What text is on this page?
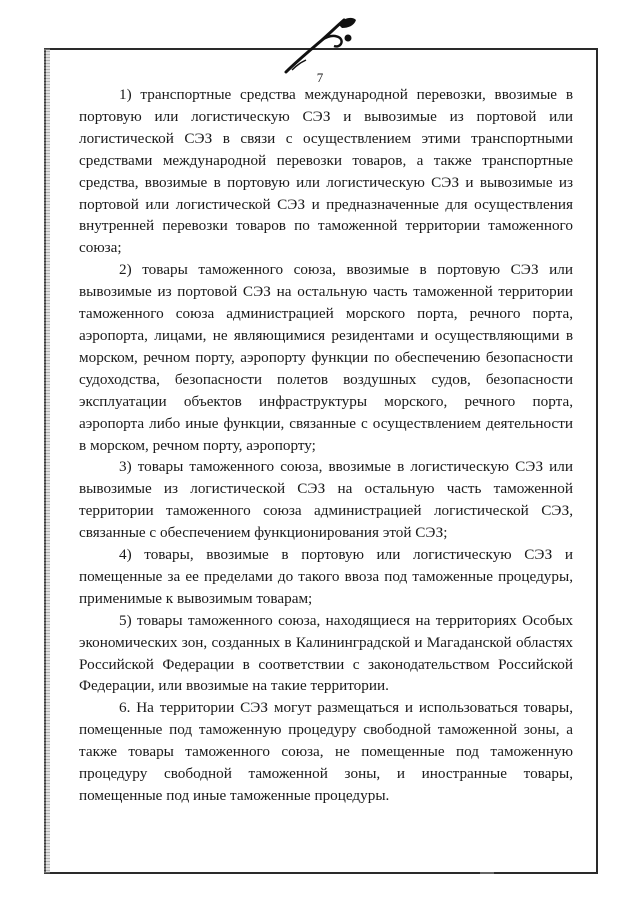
7

1) транспортные средства международной перевозки, ввозимые в портовую или логистическую СЭЗ и вывозимые из портовой или логистической СЭЗ в связи с осуществлением этими транспортными средствами международной перевозки товаров, а также транспортные средства, ввозимые в портовую или логистическую СЭЗ и вывозимые из портовой или логистической СЭЗ и предназначенные для осуществления внутренней перевозки товаров по таможенной территории таможенного союза;

2) товары таможенного союза, ввозимые в портовую СЭЗ или вывозимые из портовой СЭЗ на остальную часть таможенной территории таможенного союза администрацией морского порта, речного порта, аэропорта, лицами, не являющимися резидентами и осуществляющими в морском, речном порту, аэропорту функции по обеспечению безопасности судоходства, безопасности полетов воздушных судов, безопасности эксплуатации объектов инфраструктуры морского, речного порта, аэропорта либо иные функции, связанные с осуществлением деятельности в морском, речном порту, аэропорту;

3) товары таможенного союза, ввозимые в логистическую СЭЗ или вывозимые из логистической СЭЗ на остальную часть таможенной территории таможенного союза администрацией логистической СЭЗ, связанные с обеспечением функционирования этой СЭЗ;

4) товары, ввозимые в портовую или логистическую СЭЗ и помещенные за ее пределами до такого ввоза под таможенные процедуры, применимые к вывозимым товарам;

5) товары таможенного союза, находящиеся на территориях Особых экономических зон, созданных в Калининградской и Магаданской областях Российской Федерации в соответствии с законодательством Российской Федерации, или ввозимые на такие территории.

6. На территории СЭЗ могут размещаться и использоваться товары, помещенные под таможенную процедуру свободной таможенной зоны, а также товары таможенного союза, не помещенные под таможенную процедуру свободной таможенной зоны, и иностранные товары, помещенные под иные таможенные процедуры.
